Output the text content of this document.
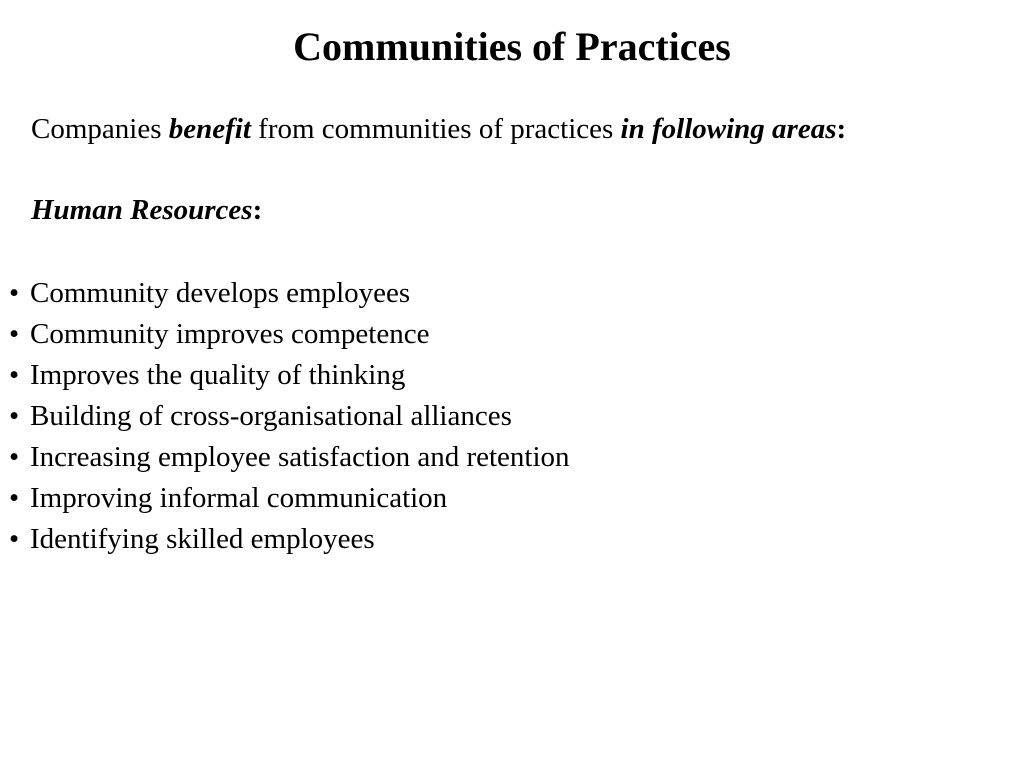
Communities of Practices

Companies benefit from communities of practices in following areas:

Human Resources:

• Community develops employees
• Community improves competence
• Improves the quality of thinking
• Building of cross-organisational alliances
• Increasing employee satisfaction and retention
• Improving informal communication
• Identifying skilled employees
